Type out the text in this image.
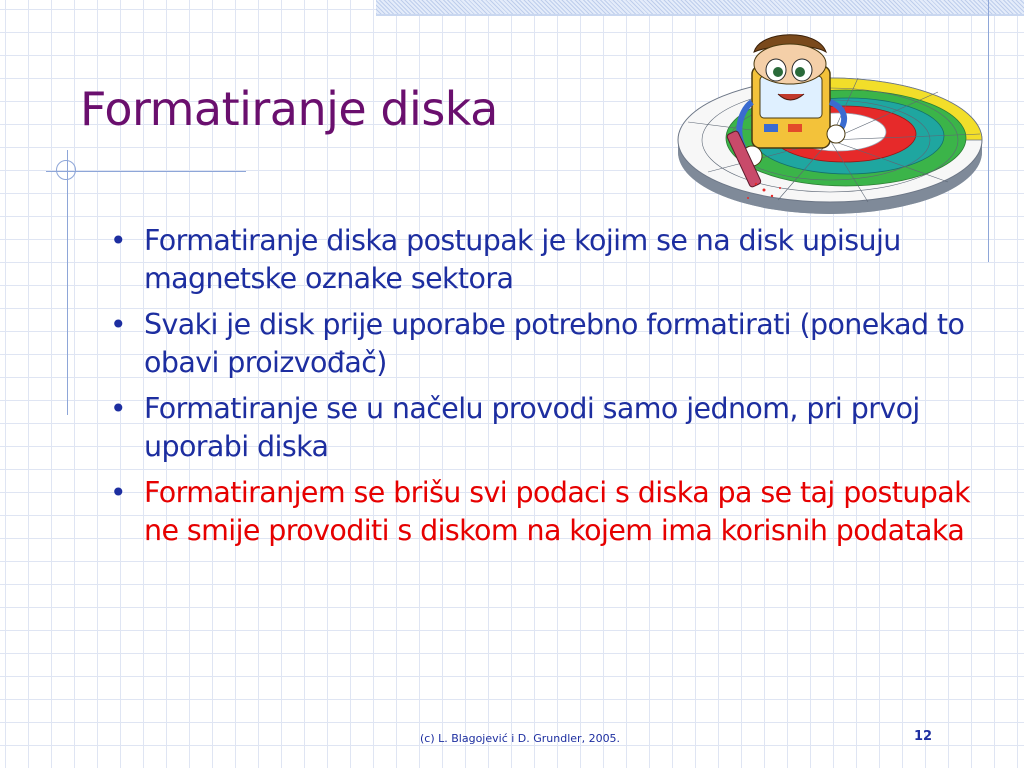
Formatiranje diska
• Formatiranje diska postupak je kojim se na disk upisuju magnetske oznake sektora
• Svaki je disk prije uporabe potrebno formatirati (ponekad to obavi proizvođač)
• Formatiranje se u načelu provodi samo jednom, pri prvoj uporabi diska
• Formatiranjem se brišu svi podaci s diska pa se taj postupak ne smije provoditi s diskom na kojem ima korisnih podataka
(c) L. Blagojević i D. Grundler, 2005.	12
